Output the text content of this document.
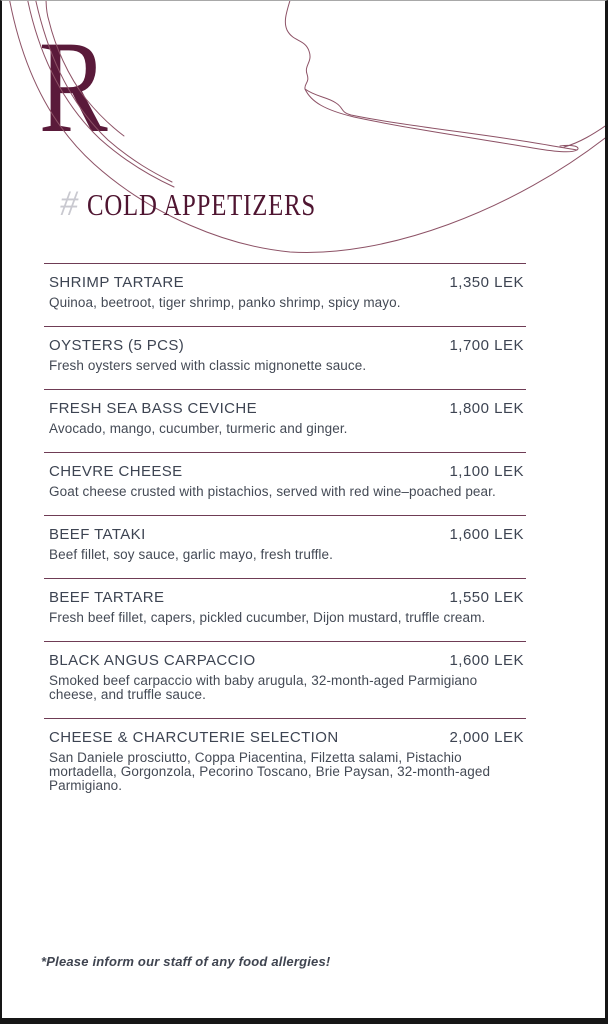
R
# COLD APPETIZERS
SHRIMP TARTARE	1,350 LEK
Quinoa, beetroot, tiger shrimp, panko shrimp, spicy mayo.
OYSTERS (5 PCS)	1,700 LEK
Fresh oysters served with classic mignonette sauce.
FRESH SEA BASS CEVICHE	1,800 LEK
Avocado, mango, cucumber, turmeric and ginger.
CHEVRE CHEESE	1,100 LEK
Goat cheese crusted with pistachios, served with red wine–poached pear.
BEEF TATAKI	1,600 LEK
Beef fillet, soy sauce, garlic mayo, fresh truffle.
BEEF TARTARE	1,550 LEK
Fresh beef fillet, capers, pickled cucumber, Dijon mustard, truffle cream.
BLACK ANGUS CARPACCIO	1,600 LEK
Smoked beef carpaccio with baby arugula, 32-month-aged Parmigiano cheese, and truffle sauce.
CHEESE & CHARCUTERIE SELECTION	2,000 LEK
San Daniele prosciutto, Coppa Piacentina, Filzetta salami, Pistachio mortadella, Gorgonzola, Pecorino Toscano, Brie Paysan, 32-month-aged Parmigiano.
*Please inform our staff of any food allergies!
